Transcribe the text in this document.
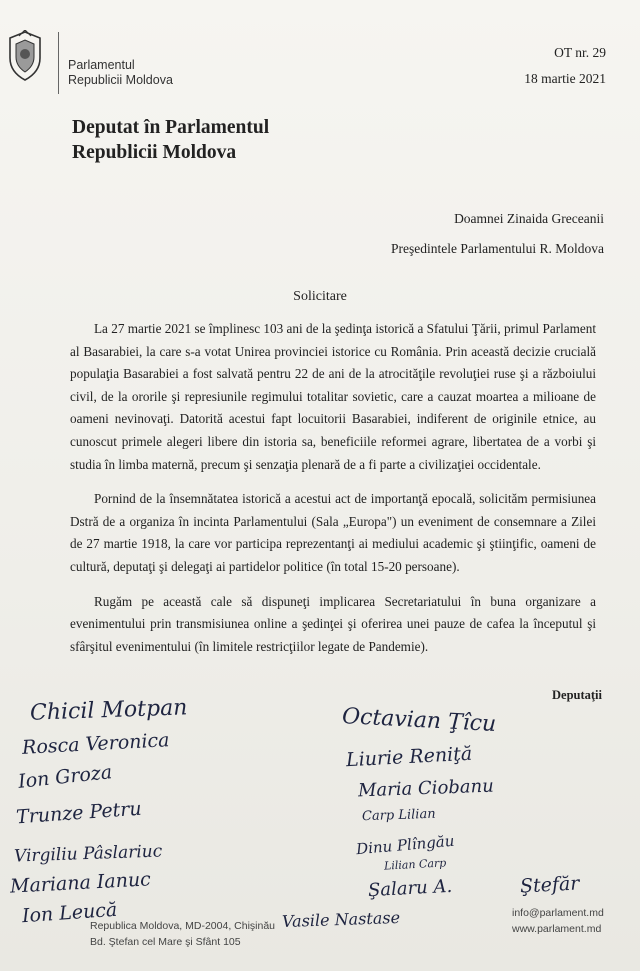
Parlamentul
Republicii Moldova
OT nr. 29
18 martie 2021
Deputat în Parlamentul
Republicii Moldova
Doamnei Zinaida Greceanii
Preşedintele Parlamentului R. Moldova
Solicitare

La 27 martie 2021 se împlinesc 103 ani de la şedinţa istorică a Sfatului Ţării, primul Parlament al Basarabiei, la care s-a votat Unirea provinciei istorice cu România. Prin această decizie crucială populaţia Basarabiei a fost salvată pentru 22 de ani de la atrocităţile revoluţiei ruse şi a războiului civil, de la ororile şi represiunile regimului totalitar sovietic, care a cauzat moartea a milioane de oameni nevinovaţi. Datorită acestui fapt locuitorii Basarabiei, indiferent de originile etnice, au cunoscut primele alegeri libere din istoria sa, beneficiile reformei agrare, libertatea de a vorbi şi studia în limba maternă, precum şi senzaţia plenară de a fi parte a civilizaţiei occidentale.

Pornind de la însemnătatea istorică a acestui act de importanţă epocală, solicităm permisiunea Dstră de a organiza în incinta Parlamentului (Sala „Europa") un eveniment de consemnare a Zilei de 27 martie 1918, la care vor participa reprezentanţi ai mediului academic şi ştiinţific, oameni de cultură, deputaţi şi delegaţi ai partidelor politice (în total 15-20 persoane).

Rugăm pe această cale să dispuneţi implicarea Secretariatului în buna organizare a evenimentului prin transmisiunea online a şedinţei şi oferirea unei pauze de cafea la începutul şi sfârşitul evenimentului (în limitele restricţiilor legate de Pandemie).

Deputaţii
Chicil Motpan
Rosca Veronica
Ion Groza
Trunze Petru
Virgiliu Pâslariuc
Mariana Ianuc
Ion Leucă
Octavian Ţîcu
Liurie Reniţă
Maria Ciobanu
Carp Lilian
Dinu Plîngău
Lilian Carp
Şalaru A.
Vasile Nastase
Ştefăr
Republica Moldova, MD-2004, Chişinău
Bd. Ştefan cel Mare şi Sfânt 105
info@parlament.md
www.parlament.md
